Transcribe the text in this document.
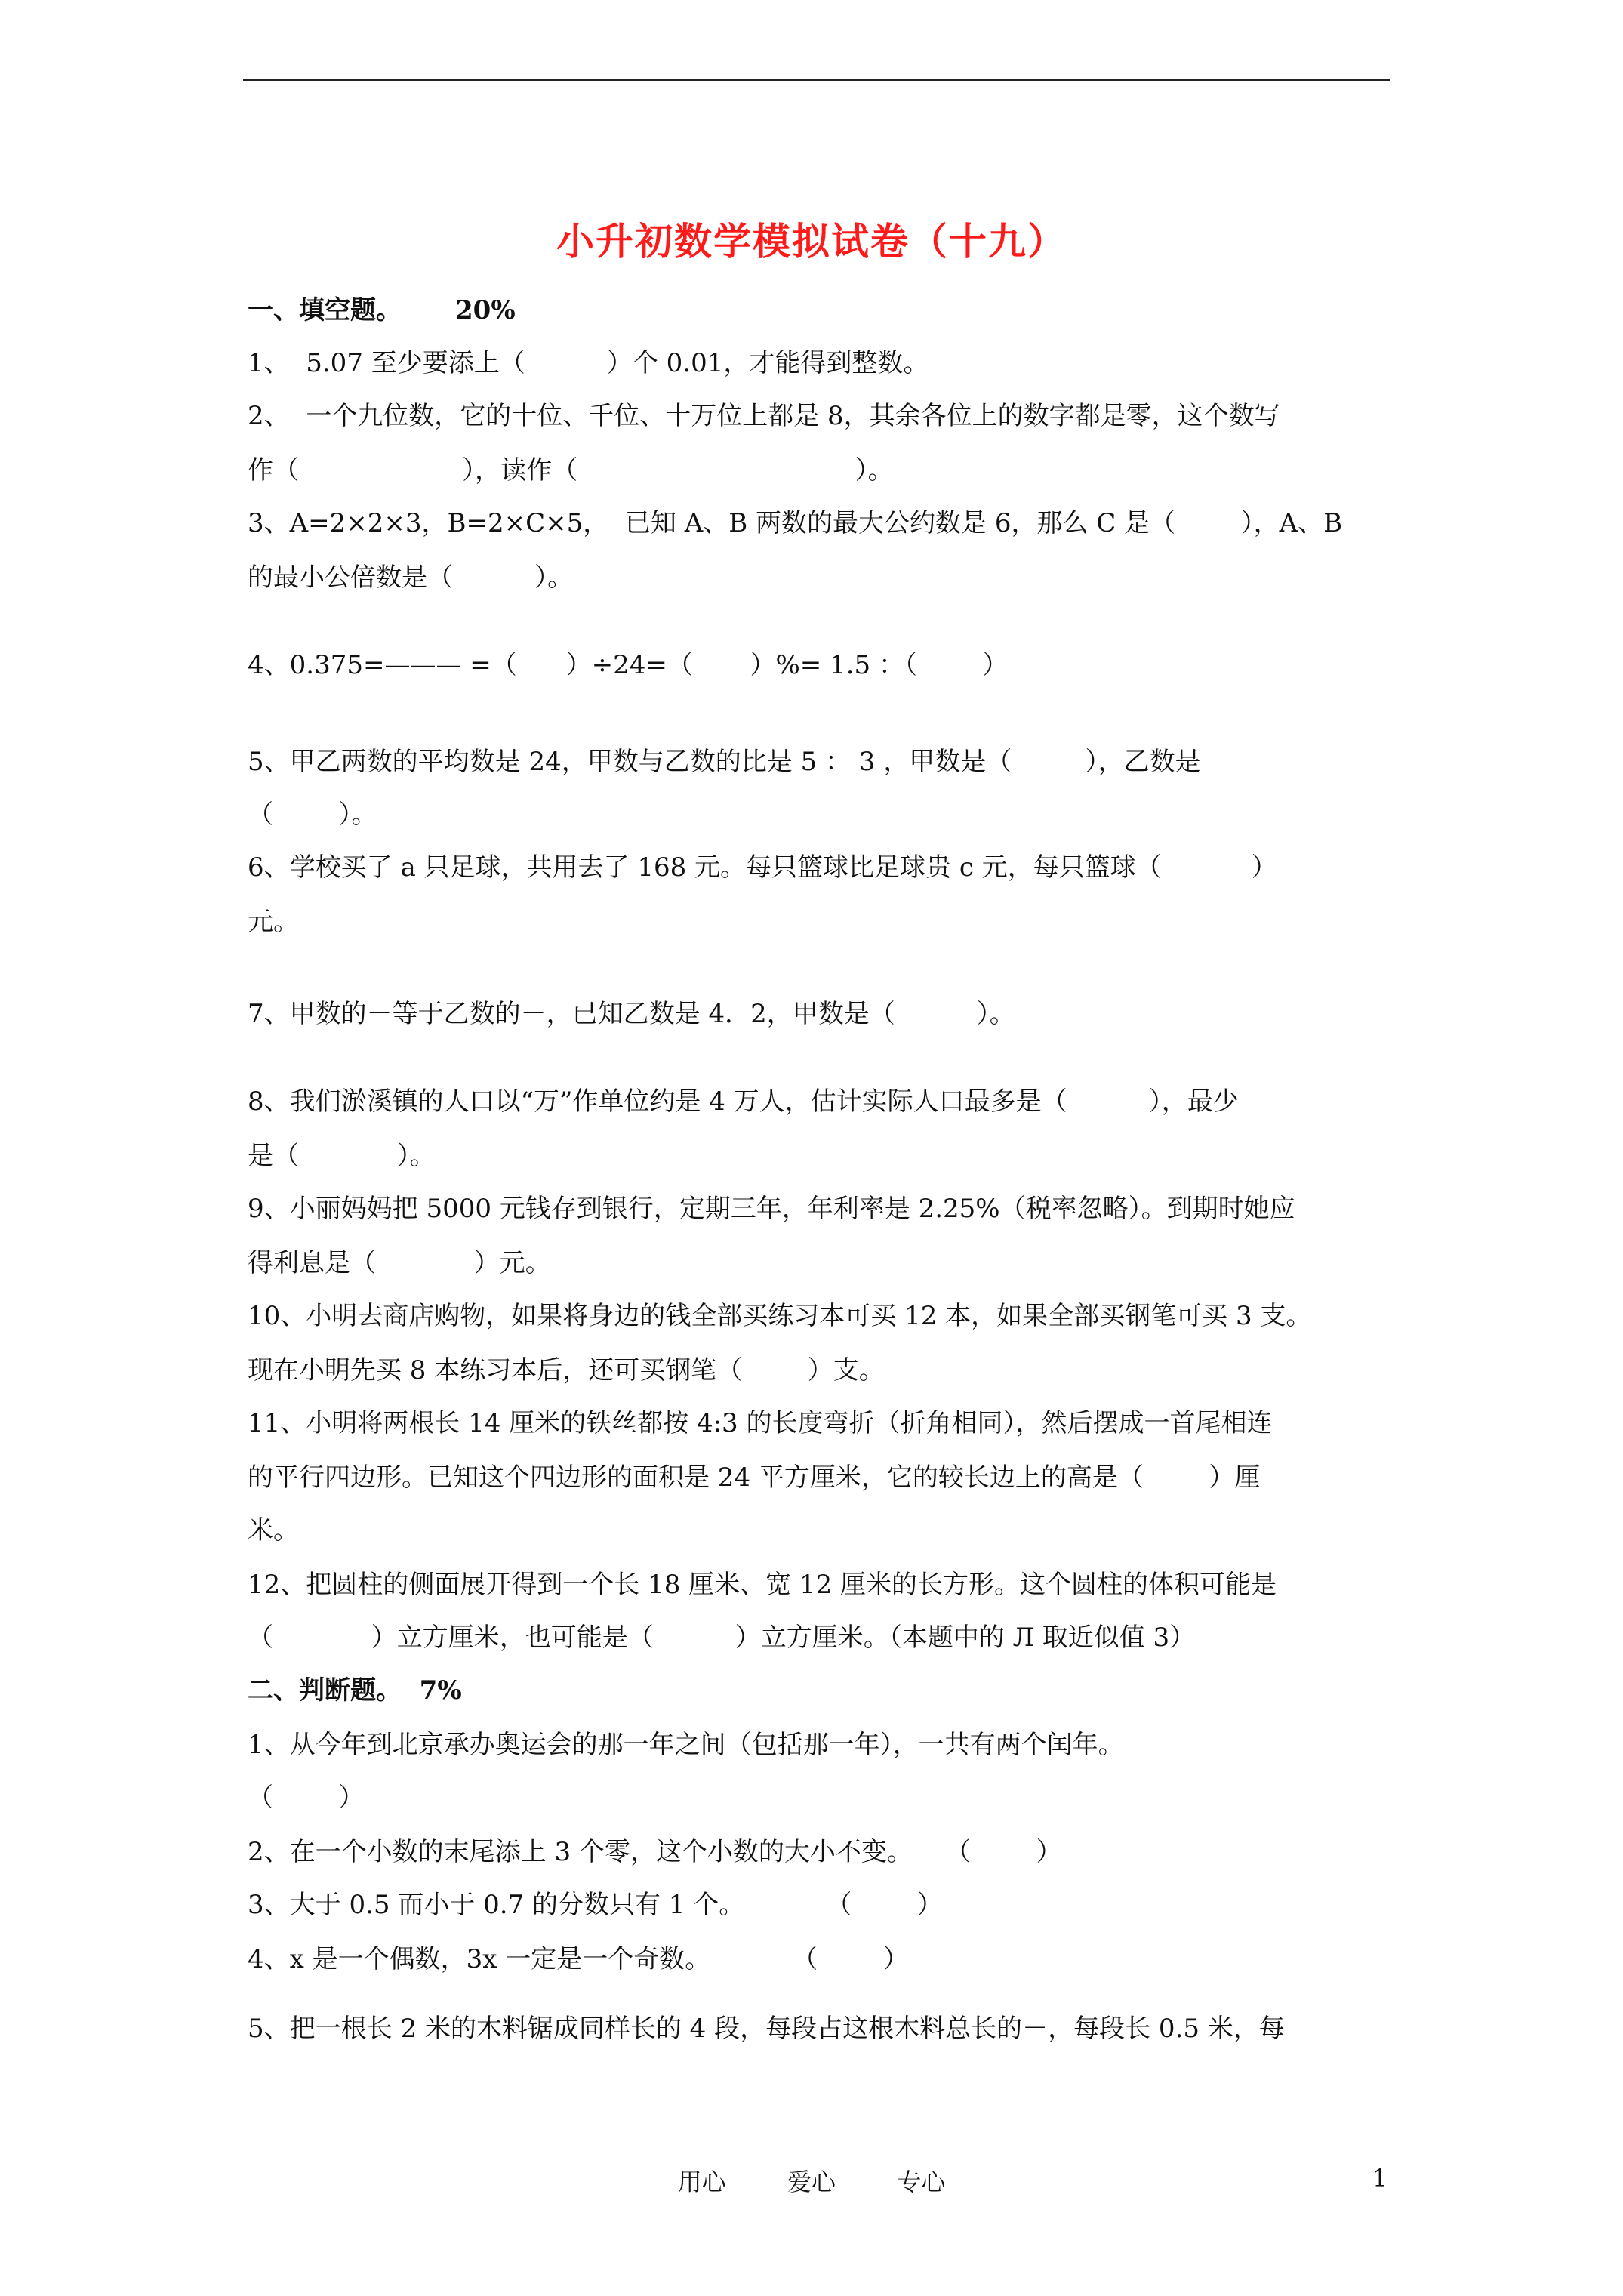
小升初数学模拟试卷（十九）
一、填空题。      20%
1、  5.07 至少要添上（          ）个 0.01，才能得到整数。
2、  一个九位数，它的十位、千位、十万位上都是 8，其余各位上的数字都是零，这个数写
作（                    ），读作（                                  ）。
3、A=2×2×3，B=2×C×5，  已知 A、B 两数的最大公约数是 6，那么 C 是（        ），A、B
的最小公倍数是（          ）。
4、0.375=——— =（      ）÷24=（       ）%= 1.5 ：（        ）
5、甲乙两数的平均数是 24，甲数与乙数的比是 5 ： 3 ，甲数是（         ），乙数是
（        ）。
6、学校买了 a 只足球，共用去了 168 元。每只篮球比足球贵 c 元，每只篮球（           ）
元。
7、甲数的－等于乙数的－，已知乙数是 4．2，甲数是（          ）。
8、我们淤溪镇的人口以“万”作单位约是 4 万人，估计实际人口最多是（          ），最少
是（            ）。
9、小丽妈妈把 5000 元钱存到银行，定期三年，年利率是 2.25%（税率忽略）。到期时她应
得利息是（            ）元。
10、小明去商店购物，如果将身边的钱全部买练习本可买 12 本，如果全部买钢笔可买 3 支。
现在小明先买 8 本练习本后，还可买钢笔（        ）支。
11、小明将两根长 14 厘米的铁丝都按 4:3 的长度弯折（折角相同），然后摆成一首尾相连
的平行四边形。已知这个四边形的面积是 24 平方厘米，它的较长边上的高是（        ）厘
米。
12、把圆柱的侧面展开得到一个长 18 厘米、宽 12 厘米的长方形。这个圆柱的体积可能是
（            ）立方厘米，也可能是（          ）立方厘米。（本题中的 Л 取近似值 3）
二、判断题。  7%
1、从今年到北京承办奥运会的那一年之间（包括那一年），一共有两个闰年。
（        ）
2、在一个小数的末尾添上 3 个零，这个小数的大小不变。    （        ）
3、大于 0.5 而小于 0.7 的分数只有 1 个。          （        ）
4、x 是一个偶数，3x 一定是一个奇数。          （        ）
5、把一根长 2 米的木料锯成同样长的 4 段，每段占这根木料总长的－，每段长 0.5 米，每
用心        爱心        专心	1
